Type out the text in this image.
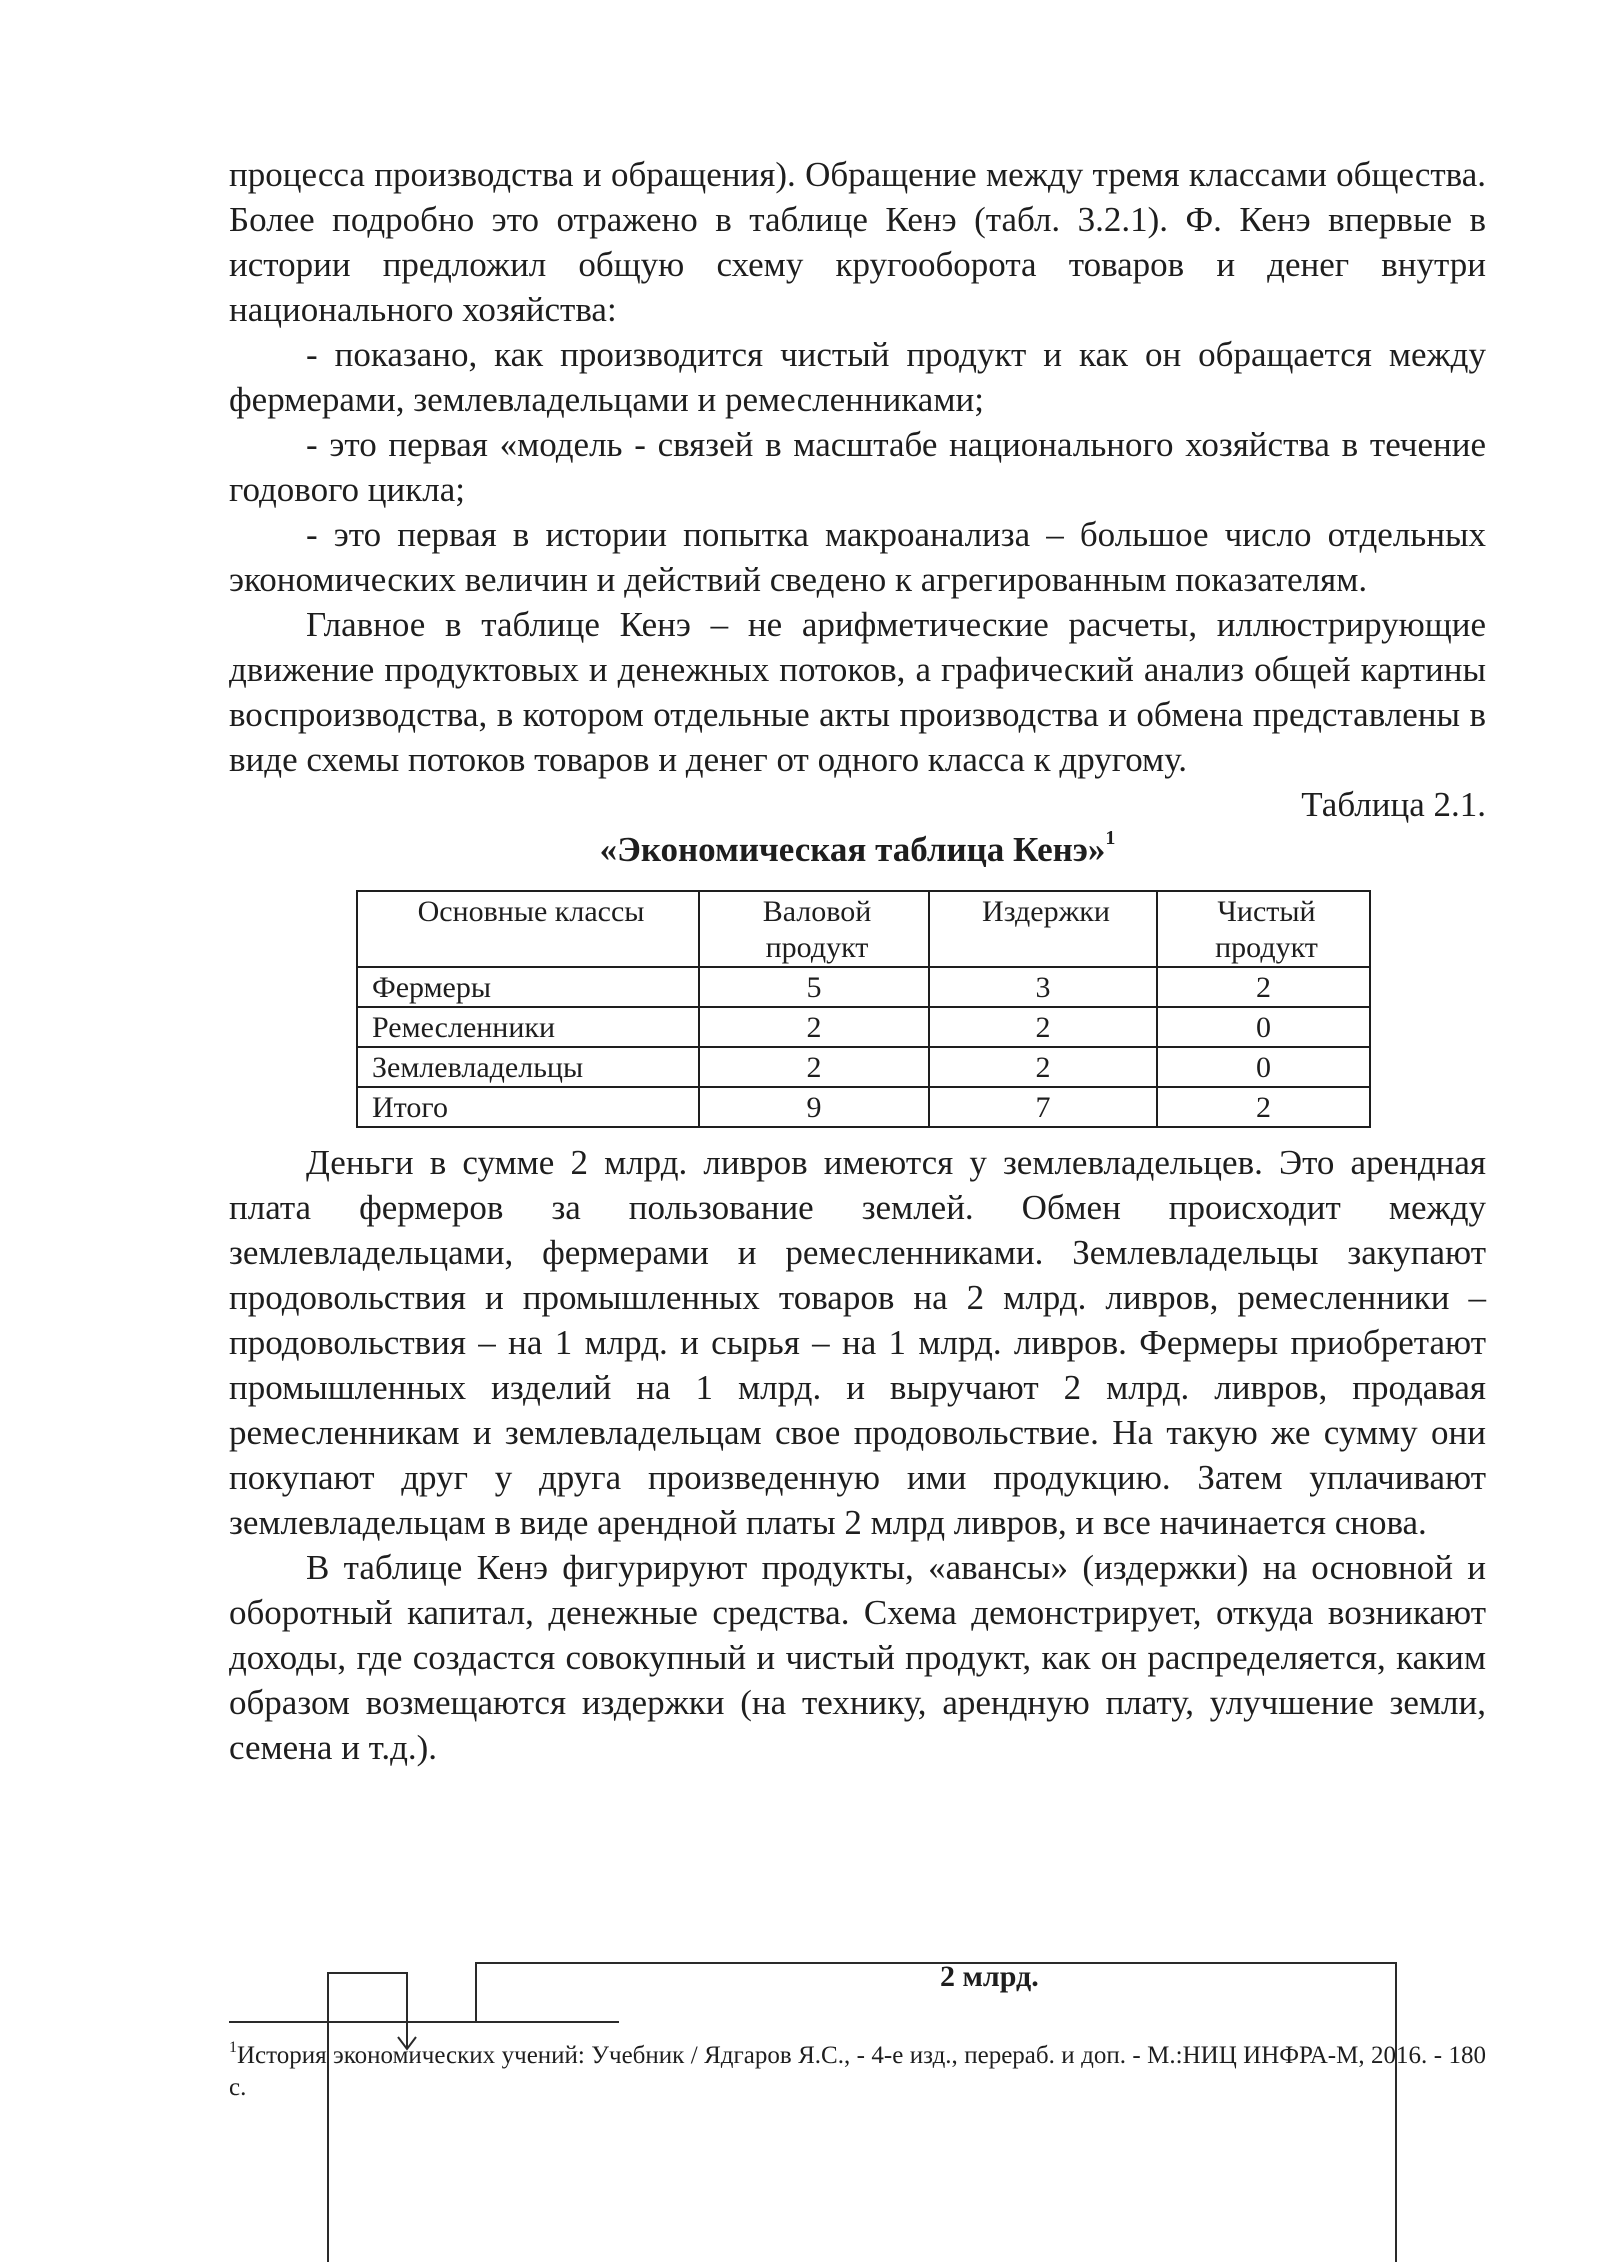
процесса производства и обращения). Обращение между тремя классами общества. Более подробно это отражено в таблице Кенэ (табл. 3.2.1). Ф. Кенэ впервые в истории предложил общую схему кругооборота товаров и денег внутри национального хозяйства:

- показано, как производится чистый продукт и как он обращается между фермерами, землевладельцами и ремесленниками;

- это первая «модель - связей в масштабе национального хозяйства в течение годового цикла;

- это первая в истории попытка макроанализа – большое число отдельных экономических величин и действий сведено к агрегированным показателям.

Главное в таблице Кенэ – не арифметические расчеты, иллюстрирующие движение продуктовых и денежных потоков, а графический анализ общей картины воспроизводства, в котором отдельные акты производства и обмена представлены в виде схемы потоков товаров и денег от одного класса к другому.

Таблица 2.1.

«Экономическая таблица Кенэ»$^1$

Основные классы	Валовой продукт	Издержки	Чистый продукт
Фермеры	5	3	2
Ремесленники	2	2	0
Землевладельцы	2	2	0
Итого	9	7	2

Деньги в сумме 2 млрд. ливров имеются у землевладельцев. Это арендная плата фермеров за пользование землей. Обмен происходит между землевладельцами, фермерами и ремесленниками. Землевладельцы закупают продовольствия и промышленных товаров на 2 млрд. ливров, ремесленники – продовольствия – на 1 млрд. и сырья – на 1 млрд. ливров. Фермеры приобретают промышленных изделий на 1 млрд. и выручают 2 млрд. ливров, продавая ремесленникам и землевладельцам свое продовольствие. На такую же сумму они покупают друг у друга произведенную ими продукцию. Затем уплачивают землевладельцам в виде арендной платы 2 млрд ливров, и все начинается снова.

В таблице Кенэ фигурируют продукты, «авансы» (издержки) на основной и оборотный капитал, денежные средства. Схема демонстрирует, откуда возникают доходы, где создастся совокупный и чистый продукт, как он распределяется, каким образом возмещаются издержки (на технику, арендную плату, улучшение земли, семена и т.д.).

2 млрд.
$^1$История экономических учений: Учебник / Ядгаров Я.С., - 4-е изд., перераб. и доп. - М.:НИЦ ИНФРА-М, 2016. - 180 с.
